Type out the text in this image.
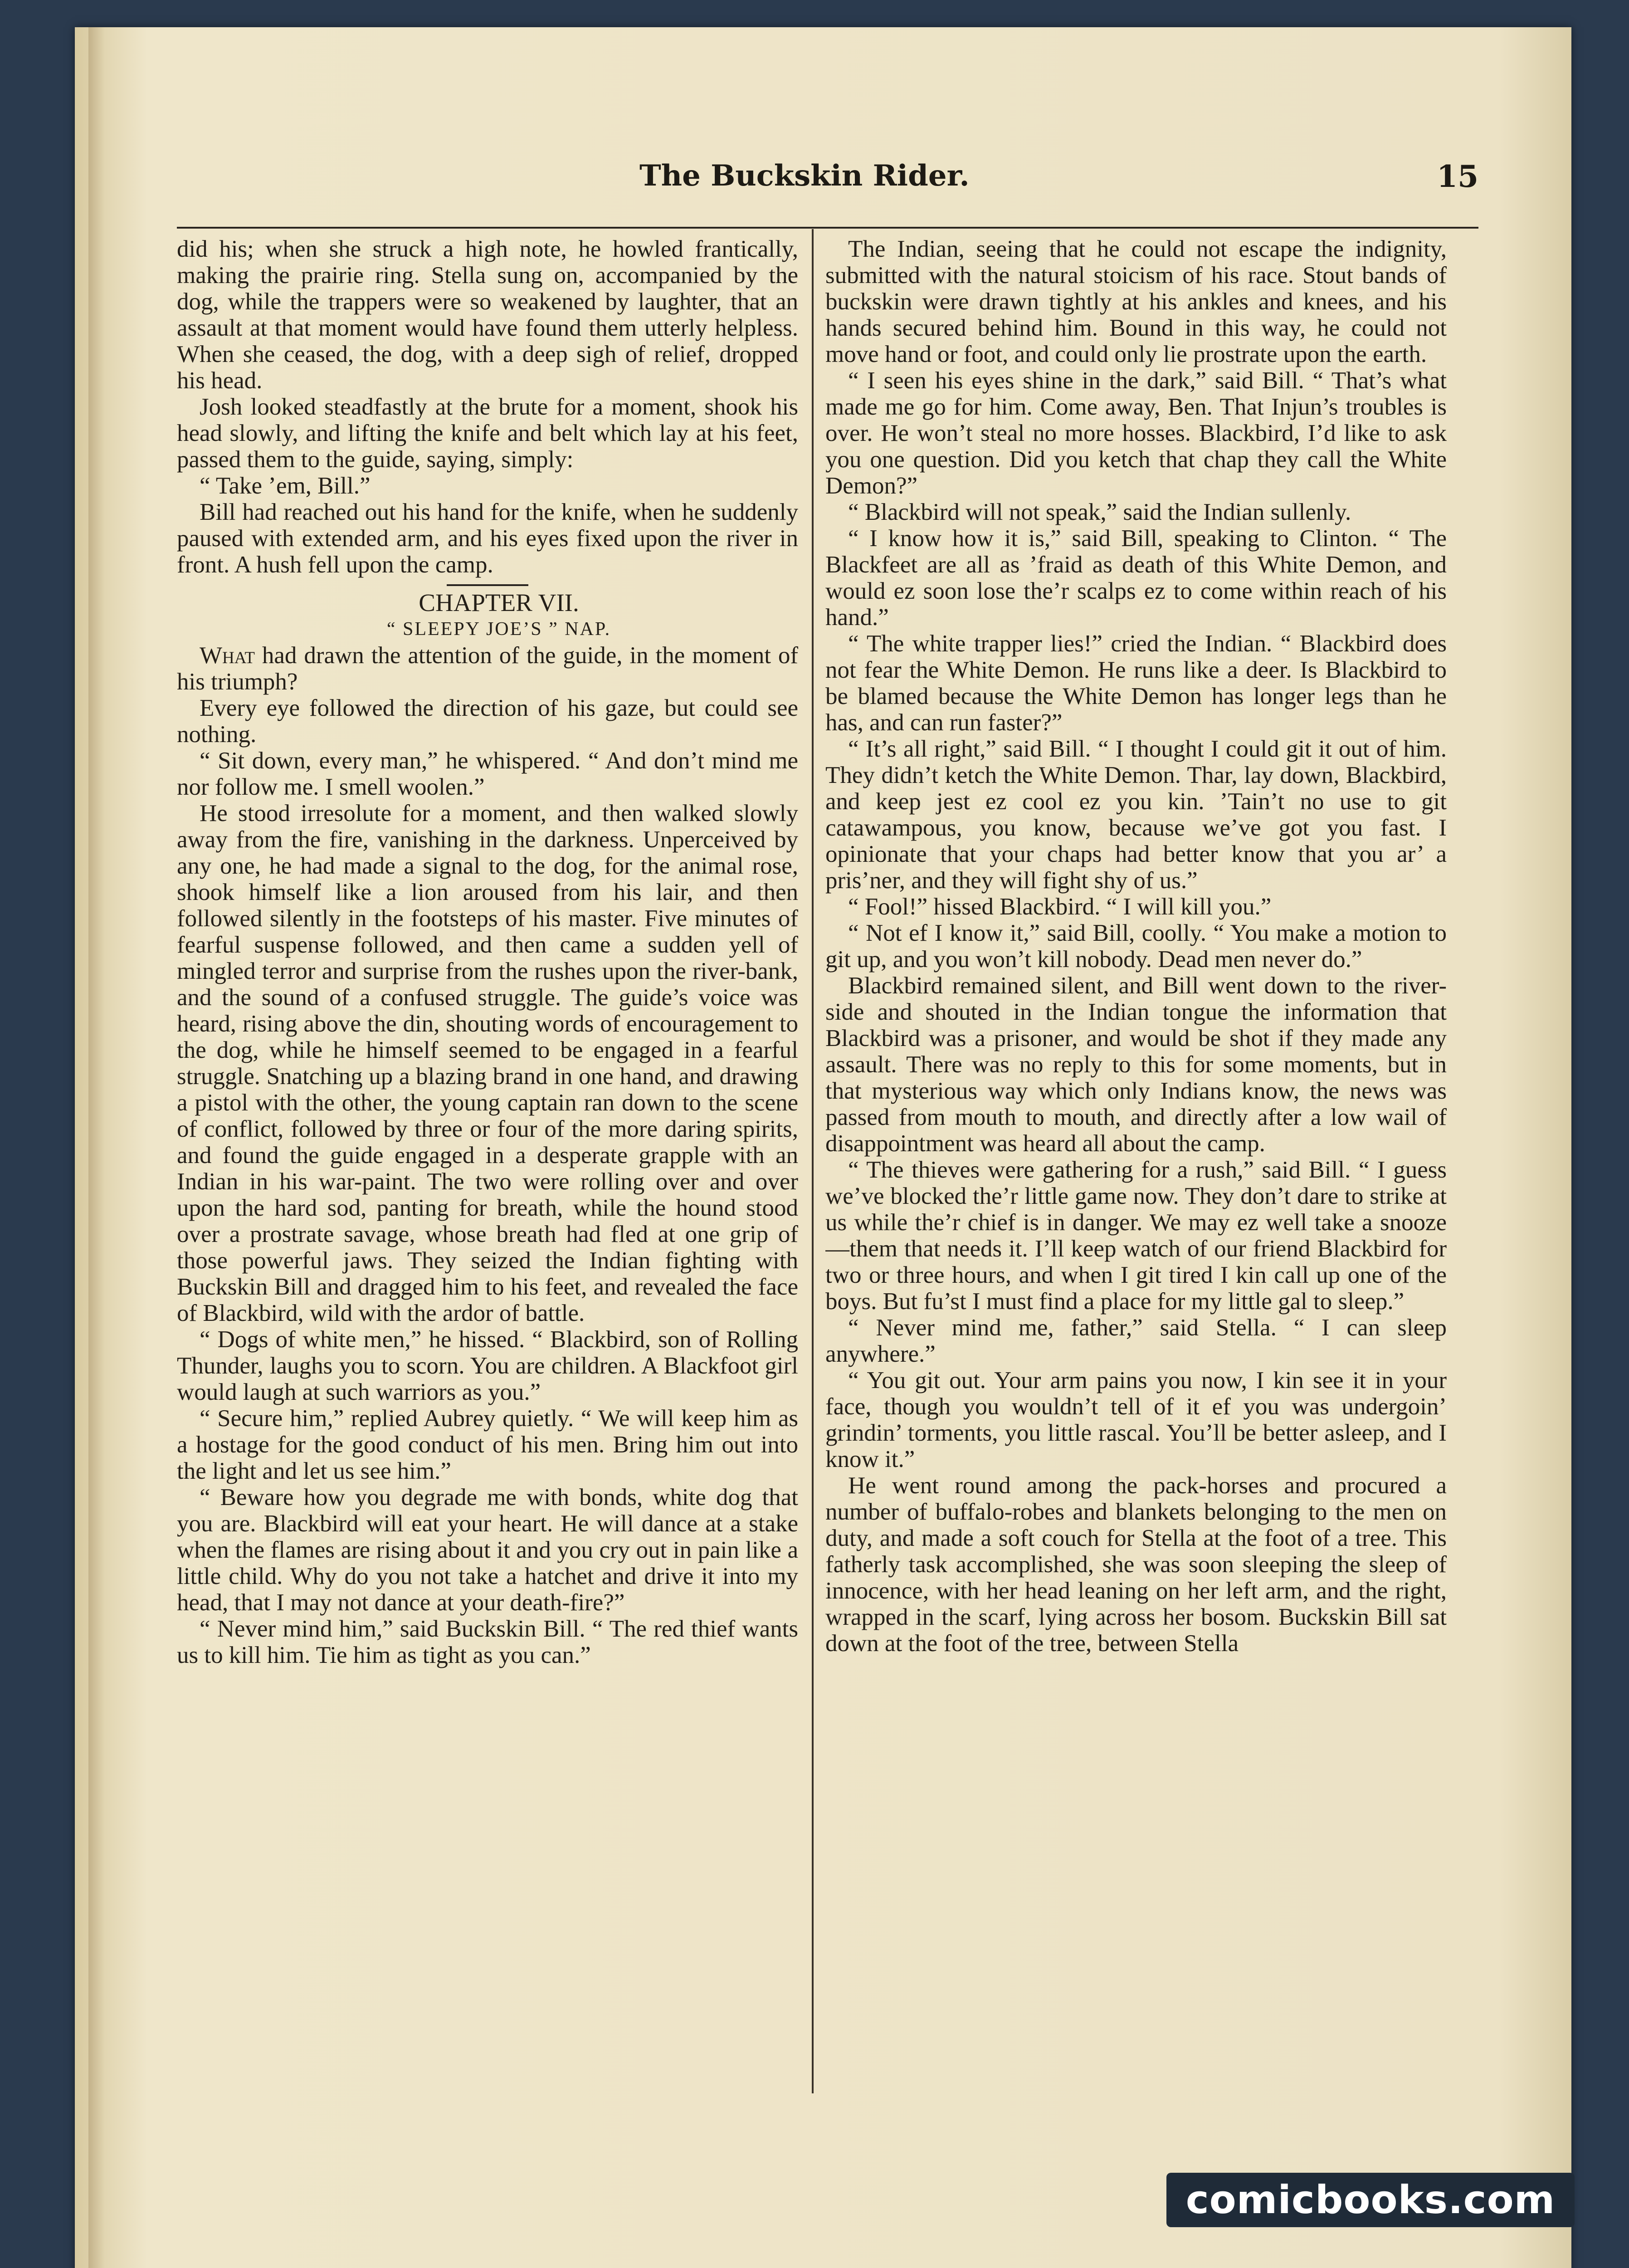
The Buckskin Rider.	15

did his; when she struck a high note, he howled frantically, making the prairie ring. Stella sung on, accompanied by the dog, while the trappers were so weakened by laughter, that an assault at that moment would have found them utterly helpless. When she ceased, the dog, with a deep sigh of relief, dropped his head.

Josh looked steadfastly at the brute for a moment, shook his head slowly, and lifting the knife and belt which lay at his feet, passed them to the guide, saying, simply:

“ Take ’em, Bill.”

Bill had reached out his hand for the knife, when he suddenly paused with extended arm, and his eyes fixed upon the river in front. A hush fell upon the camp.

CHAPTER VII.

“ SLEEPY JOE’S ” NAP.

What had drawn the attention of the guide, in the moment of his triumph?

Every eye followed the direction of his gaze, but could see nothing.

“ Sit down, every man,” he whispered. “ And don’t mind me nor follow me. I smell woolen.”

He stood irresolute for a moment, and then walked slowly away from the fire, vanishing in the darkness. Unperceived by any one, he had made a signal to the dog, for the animal rose, shook himself like a lion aroused from his lair, and then followed silently in the footsteps of his master. Five minutes of fearful suspense followed, and then came a sudden yell of mingled terror and surprise from the rushes upon the river-bank, and the sound of a confused struggle. The guide’s voice was heard, rising above the din, shouting words of encouragement to the dog, while he himself seemed to be engaged in a fearful struggle. Snatching up a blazing brand in one hand, and drawing a pistol with the other, the young captain ran down to the scene of conflict, followed by three or four of the more daring spirits, and found the guide engaged in a desperate grapple with an Indian in his war-paint. The two were rolling over and over upon the hard sod, panting for breath, while the hound stood over a prostrate savage, whose breath had fled at one grip of those powerful jaws. They seized the Indian fighting with Buckskin Bill and dragged him to his feet, and revealed the face of Blackbird, wild with the ardor of battle.

“ Dogs of white men,” he hissed. “ Blackbird, son of Rolling Thunder, laughs you to scorn. You are children. A Blackfoot girl would laugh at such warriors as you.”

“ Secure him,” replied Aubrey quietly. “ We will keep him as a hostage for the good conduct of his men. Bring him out into the light and let us see him.”

“ Beware how you degrade me with bonds, white dog that you are. Blackbird will eat your heart. He will dance at a stake when the flames are rising about it and you cry out in pain like a little child. Why do you not take a hatchet and drive it into my head, that I may not dance at your death-fire?”

“ Never mind him,” said Buckskin Bill. “ The red thief wants us to kill him. Tie him as tight as you can.”

The Indian, seeing that he could not escape the indignity, submitted with the natural stoicism of his race. Stout bands of buckskin were drawn tightly at his ankles and knees, and his hands secured behind him. Bound in this way, he could not move hand or foot, and could only lie prostrate upon the earth.

“ I seen his eyes shine in the dark,” said Bill. “ That’s what made me go for him. Come away, Ben. That Injun’s troubles is over. He won’t steal no more hosses. Blackbird, I’d like to ask you one question. Did you ketch that chap they call the White Demon?”

“ Blackbird will not speak,” said the Indian sullenly.

“ I know how it is,” said Bill, speaking to Clinton. “ The Blackfeet are all as ’fraid as death of this White Demon, and would ez soon lose the’r scalps ez to come within reach of his hand.”

“ The white trapper lies!” cried the Indian. “ Blackbird does not fear the White Demon. He runs like a deer. Is Blackbird to be blamed because the White Demon has longer legs than he has, and can run faster?”

“ It’s all right,” said Bill. “ I thought I could git it out of him. They didn’t ketch the White Demon. Thar, lay down, Blackbird, and keep jest ez cool ez you kin. ’Tain’t no use to git catawampous, you know, because we’ve got you fast. I opinionate that your chaps had better know that you ar’ a pris’ner, and they will fight shy of us.”

“ Fool!” hissed Blackbird. “ I will kill you.”

“ Not ef I know it,” said Bill, coolly. “ You make a motion to git up, and you won’t kill nobody. Dead men never do.”

Blackbird remained silent, and Bill went down to the river-side and shouted in the Indian tongue the information that Blackbird was a prisoner, and would be shot if they made any assault. There was no reply to this for some moments, but in that mysterious way which only Indians know, the news was passed from mouth to mouth, and directly after a low wail of disappointment was heard all about the camp.

“ The thieves were gathering for a rush,” said Bill. “ I guess we’ve blocked the’r little game now. They don’t dare to strike at us while the’r chief is in danger. We may ez well take a snooze —them that needs it. I’ll keep watch of our friend Blackbird for two or three hours, and when I git tired I kin call up one of the boys. But fu’st I must find a place for my little gal to sleep.”

“ Never mind me, father,” said Stella. “ I can sleep anywhere.”

“ You git out. Your arm pains you now, I kin see it in your face, though you wouldn’t tell of it ef you was undergoin’ grindin’ torments, you little rascal. You’ll be better asleep, and I know it.”

He went round among the pack-horses and procured a number of buffalo-robes and blankets belonging to the men on duty, and made a soft couch for Stella at the foot of a tree. This fatherly task accomplished, she was soon sleeping the sleep of innocence, with her head leaning on her left arm, and the right, wrapped in the scarf, lying across her bosom. Buckskin Bill sat down at the foot of the tree, between Stella

comicbooks.com
